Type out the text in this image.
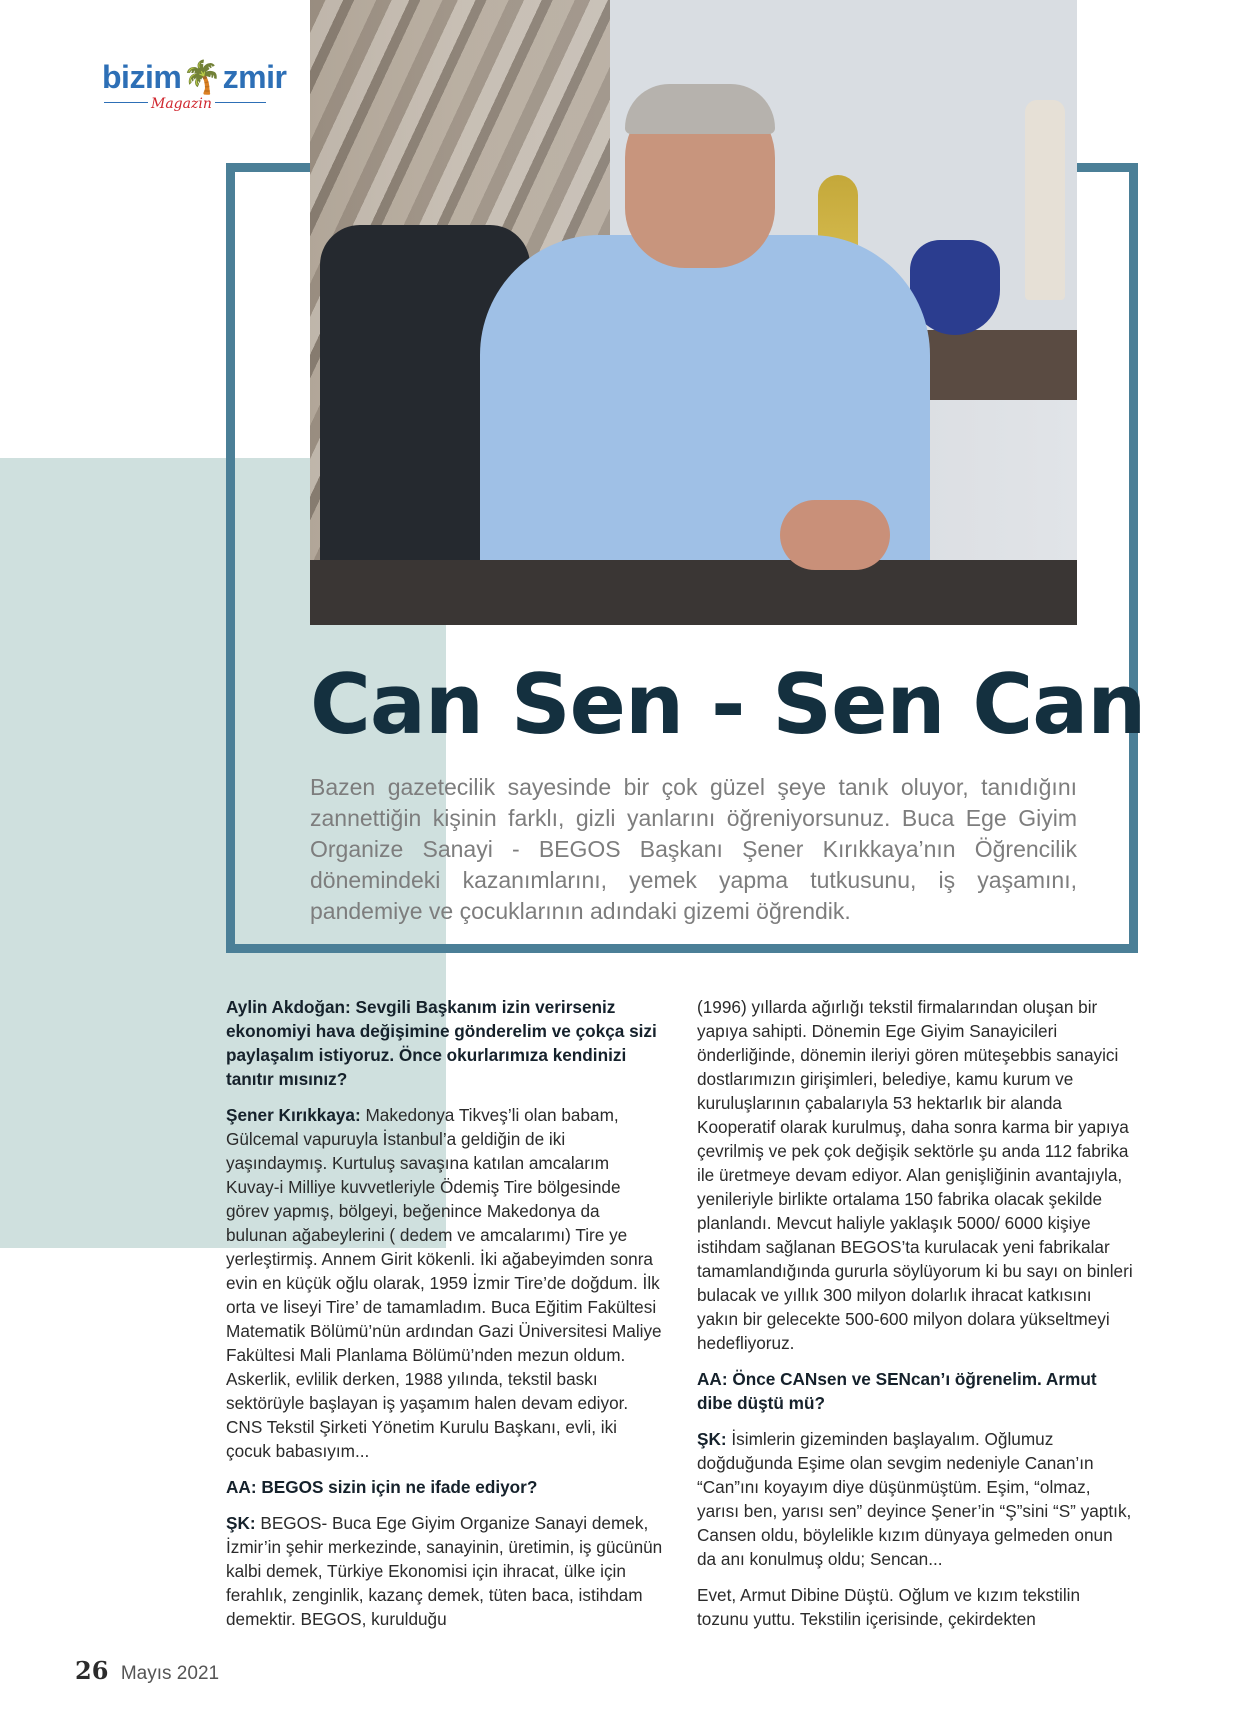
bizim🌴zmir
Magazin
Can Sen - Sen Can

Bazen gazetecilik sayesinde bir çok güzel şeye tanık oluyor, tanıdığını zannettiğin kişinin farklı, gizli yanlarını öğreniyorsunuz. Buca Ege Giyim Organize Sanayi - BEGOS Başkanı Şener Kırıkkaya’nın Öğrencilik dönemindeki kazanımlarını, yemek yapma tutkusunu, iş yaşamını, pandemiye ve çocuklarının adındaki gizemi öğrendik.

Aylin Akdoğan: Sevgili Başkanım izin verirseniz ekonomiyi hava değişimine gönderelim ve çokça sizi paylaşalım istiyoruz. Önce okurlarımıza kendinizi tanıtır mısınız?

Şener Kırıkkaya: Makedonya Tikveş’li olan babam, Gülcemal vapuruyla İstanbul’a geldiğin de iki yaşındaymış. Kurtuluş savaşına katılan amcalarım Kuvay-i Milliye kuvvetleriyle Ödemiş Tire bölgesinde görev yapmış, bölgeyi, beğenince Makedonya da bulunan ağabeylerini ( dedem ve amcalarımı) Tire ye yerleştirmiş. Annem Girit kökenli. İki ağabeyimden sonra evin en küçük oğlu olarak, 1959 İzmir Tire’de doğdum. İlk orta ve liseyi Tire’ de tamamladım. Buca Eğitim Fakültesi Matematik Bölümü’nün ardından Gazi Üniversitesi Maliye Fakültesi Mali Planlama Bölümü’nden mezun oldum. Askerlik, evlilik derken, 1988 yılında, tekstil baskı sektörüyle başlayan iş yaşamım halen devam ediyor. CNS Tekstil Şirketi Yönetim Kurulu Başkanı, evli, iki çocuk babasıyım...

AA: BEGOS sizin için ne ifade ediyor?

ŞK: BEGOS- Buca Ege Giyim Organize Sanayi demek, İzmir’in şehir merkezinde, sanayinin, üretimin, iş gücünün kalbi demek, Türkiye Ekonomisi için ihracat, ülke için ferahlık, zenginlik, kazanç demek, tüten baca, istihdam demektir. BEGOS, kurulduğu

(1996) yıllarda ağırlığı tekstil firmalarından oluşan bir yapıya sahipti. Dönemin Ege Giyim Sanayicileri önderliğinde, dönemin ileriyi gören müteşebbis sanayici dostlarımızın girişimleri, belediye, kamu kurum ve kuruluşlarının çabalarıyla 53 hektarlık bir alanda Kooperatif olarak kurulmuş, daha sonra karma bir yapıya çevrilmiş ve pek çok değişik sektörle şu anda 112 fabrika ile üretmeye devam ediyor. Alan genişliğinin avantajıyla, yenileriyle birlikte ortalama 150 fabrika olacak şekilde planlandı. Mevcut haliyle yaklaşık 5000/ 6000 kişiye istihdam sağlanan BEGOS’ta kurulacak yeni fabrikalar tamamlandığında gururla söylüyorum ki bu sayı on binleri bulacak ve yıllık 300 milyon dolarlık ihracat katkısını yakın bir gelecekte 500-600 milyon dolara yükseltmeyi hedefliyoruz.

AA: Önce CANsen ve SENcan’ı öğrenelim. Armut dibe düştü mü?

ŞK: İsimlerin gizeminden başlayalım. Oğlumuz doğduğunda Eşime olan sevgim nedeniyle Canan’ın “Can”ını koyayım diye düşünmüştüm. Eşim, “olmaz, yarısı ben, yarısı sen” deyince Şener’in “Ş”sini “S” yaptık, Cansen oldu, böylelikle kızım dünyaya gelmeden onun da anı konulmuş oldu; Sencan...

Evet, Armut Dibine Düştü. Oğlum ve kızım tekstilin tozunu yuttu. Tekstilin içerisinde, çekirdekten

26 Mayıs 2021
